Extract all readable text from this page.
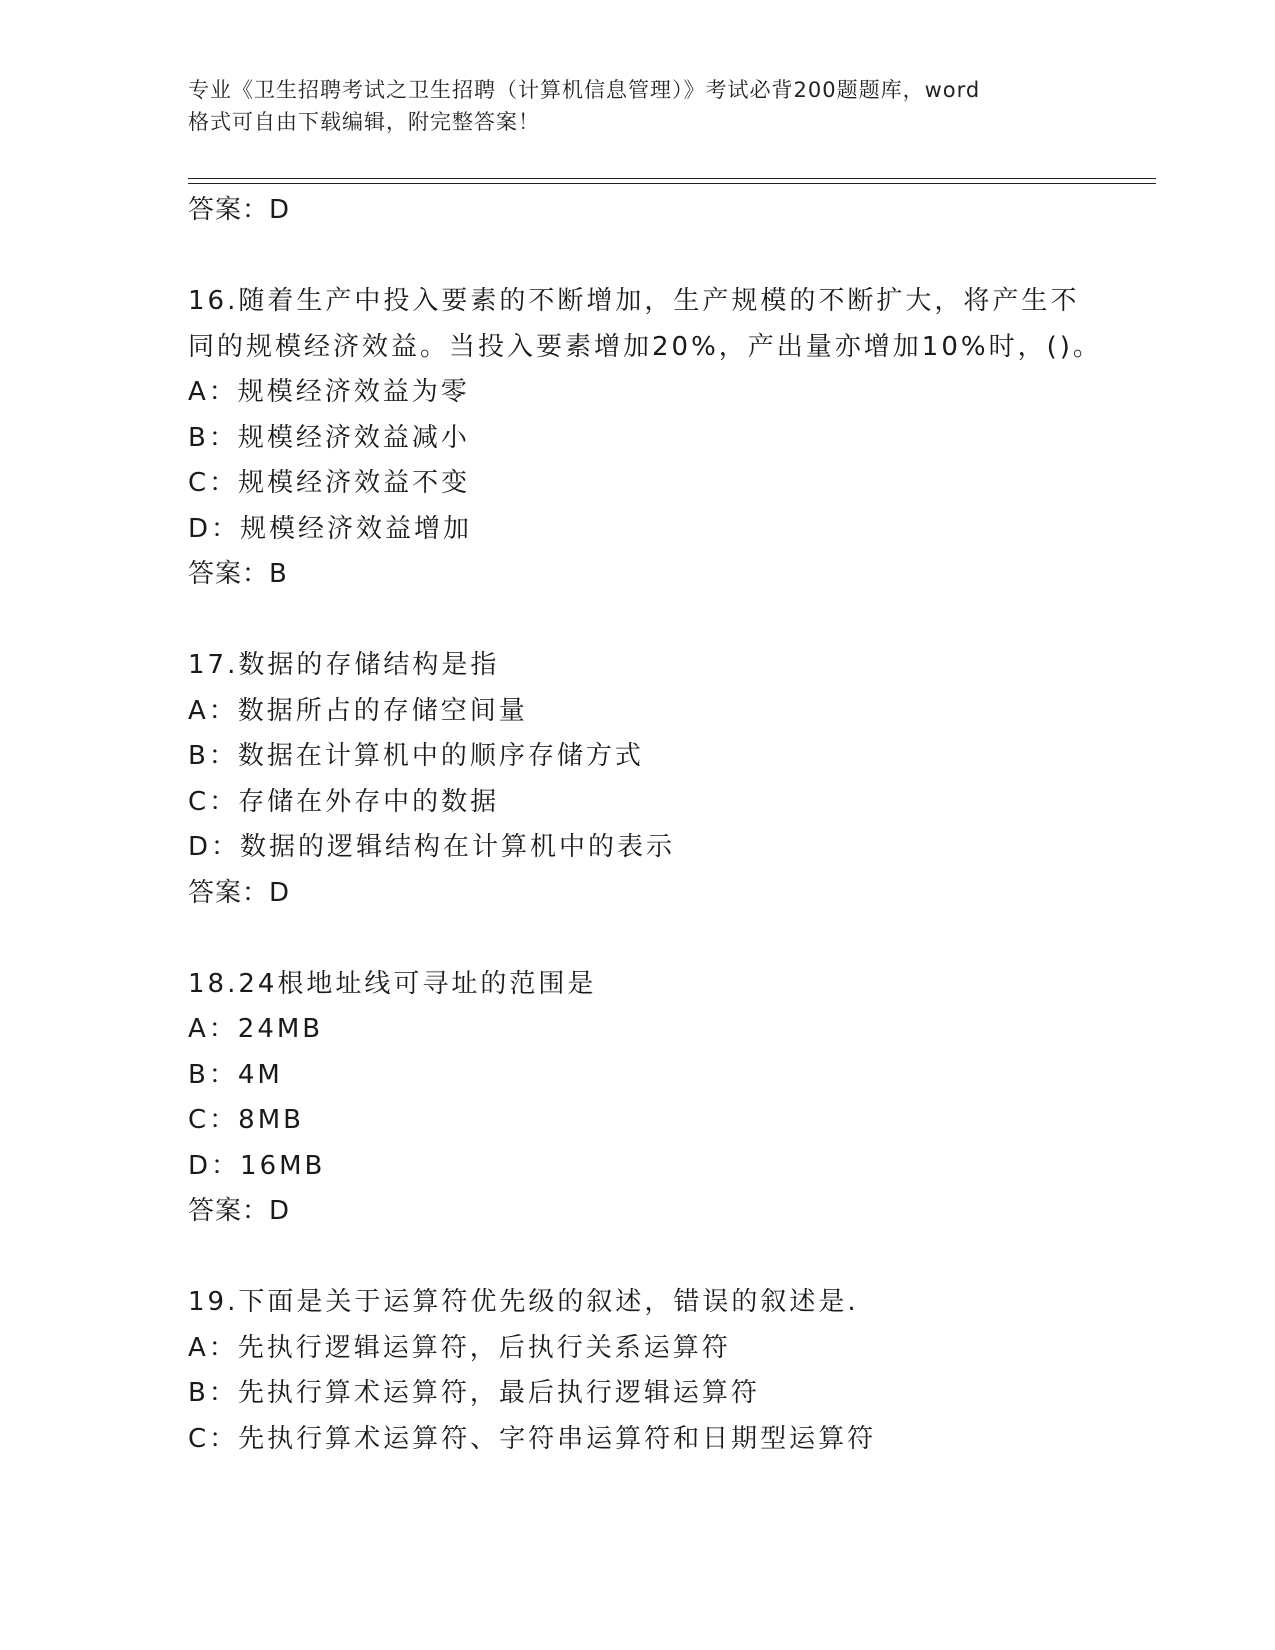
专业《卫生招聘考试之卫生招聘（计算机信息管理）》考试必背200题题库，word
格式可自由下载编辑，附完整答案！
答案：D
16.随着生产中投入要素的不断增加，生产规模的不断扩大，将产生不
同的规模经济效益。当投入要素增加20%，产出量亦增加10%时，()。
A：规模经济效益为零
B：规模经济效益减小
C：规模经济效益不变
D：规模经济效益增加
答案：B
17.数据的存储结构是指
A：数据所占的存储空间量
B：数据在计算机中的顺序存储方式
C：存储在外存中的数据
D：数据的逻辑结构在计算机中的表示
答案：D
18.24根地址线可寻址的范围是
A：24MB
B：4M
C：8MB
D：16MB
答案：D
19.下面是关于运算符优先级的叙述，错误的叙述是.
A：先执行逻辑运算符，后执行关系运算符
B：先执行算术运算符，最后执行逻辑运算符
C：先执行算术运算符、字符串运算符和日期型运算符
